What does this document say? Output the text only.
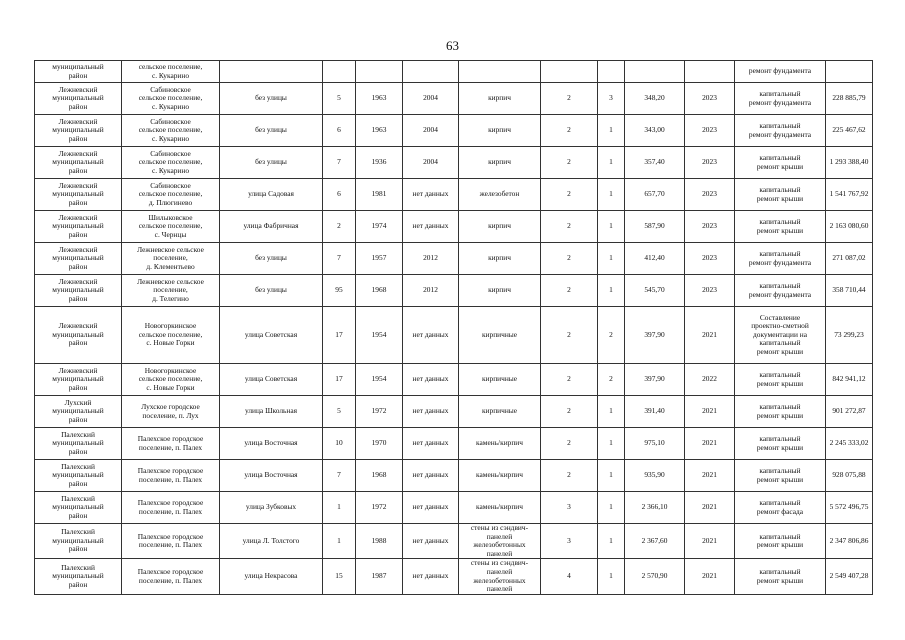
63
муниципальный
район	сельское поселение,
с. Кукарино										ремонт фундамента	
Лежневский
муниципальный
район	Сабиновское
сельское поселение,
с. Кукарино	без улицы	5	1963	2004	кирпич	2	3	348,20	2023	капитальный
ремонт фундамента	228 885,79
Лежневский
муниципальный
район	Сабиновское
сельское поселение,
с. Кукарино	без улицы	6	1963	2004	кирпич	2	1	343,00	2023	капитальный
ремонт фундамента	225 467,62
Лежневский
муниципальный
район	Сабиновское
сельское поселение,
с. Кукарино	без улицы	7	1936	2004	кирпич	2	1	357,40	2023	капитальный
ремонт крыши	1 293 388,40
Лежневский
муниципальный
район	Сабиновское
сельское поселение,
д. Плюгинево	улица Садовая	6	1981	нет данных	железобетон	2	1	657,70	2023	капитальный
ремонт крыши	1 541 767,92
Лежневский
муниципальный
район	Шилыковское
сельское поселение,
с. Чернцы	улица Фабричная	2	1974	нет данных	кирпич	2	1	587,90	2023	капитальный
ремонт крыши	2 163 080,60
Лежневский
муниципальный
район	Лежневское сельское
поселение,
д. Клементьево	без улицы	7	1957	2012	кирпич	2	1	412,40	2023	капитальный
ремонт фундамента	271 087,02
Лежневский
муниципальный
район	Лежневское сельское
поселение,
д. Телегино	без улицы	95	1968	2012	кирпич	2	1	545,70	2023	капитальный
ремонт фундамента	358 710,44
Лежневский
муниципальный
район	Новогоркинское
сельское поселение,
с. Новые Горки	улица Советская	17	1954	нет данных	кирпичные	2	2	397,90	2021	Составление
проектно-сметной
документации на
капитальный
ремонт крыши	73 299,23
Лежневский
муниципальный
район	Новогоркинское
сельское поселение,
с. Новые Горки	улица Советская	17	1954	нет данных	кирпичные	2	2	397,90	2022	капитальный
ремонт крыши	842 941,12
Лухский
муниципальный
район	Лухское городское
поселение, п. Лух	улица Школьная	5	1972	нет данных	кирпичные	2	1	391,40	2021	капитальный
ремонт крыши	901 272,87
Палехский
муниципальный
район	Палехское городское
поселение, п. Палех	улица Восточная	10	1970	нет данных	камень/кирпич	2	1	975,10	2021	капитальный
ремонт крыши	2 245 333,02
Палехский
муниципальный
район	Палехское городское
поселение, п. Палех	улица Восточная	7	1968	нет данных	камень/кирпич	2	1	935,90	2021	капитальный
ремонт крыши	928 075,88
Палехский
муниципальный
район	Палехское городское
поселение, п. Палех	улица Зубковых	1	1972	нет данных	камень/кирпич	3	1	2 366,10	2021	капитальный
ремонт фасада	5 572 496,75
Палехский
муниципальный
район	Палехское городское
поселение, п. Палех	улица Л. Толстого	1	1988	нет данных	стены из сэндвич-
панелей
железобетонных
панелей	3	1	2 367,60	2021	капитальный
ремонт крыши	2 347 806,86
Палехский
муниципальный
район	Палехское городское
поселение, п. Палех	улица Некрасова	15	1987	нет данных	стены из сэндвич-
панелей
железобетонных
панелей	4	1	2 570,90	2021	капитальный
ремонт крыши	2 549 407,28
